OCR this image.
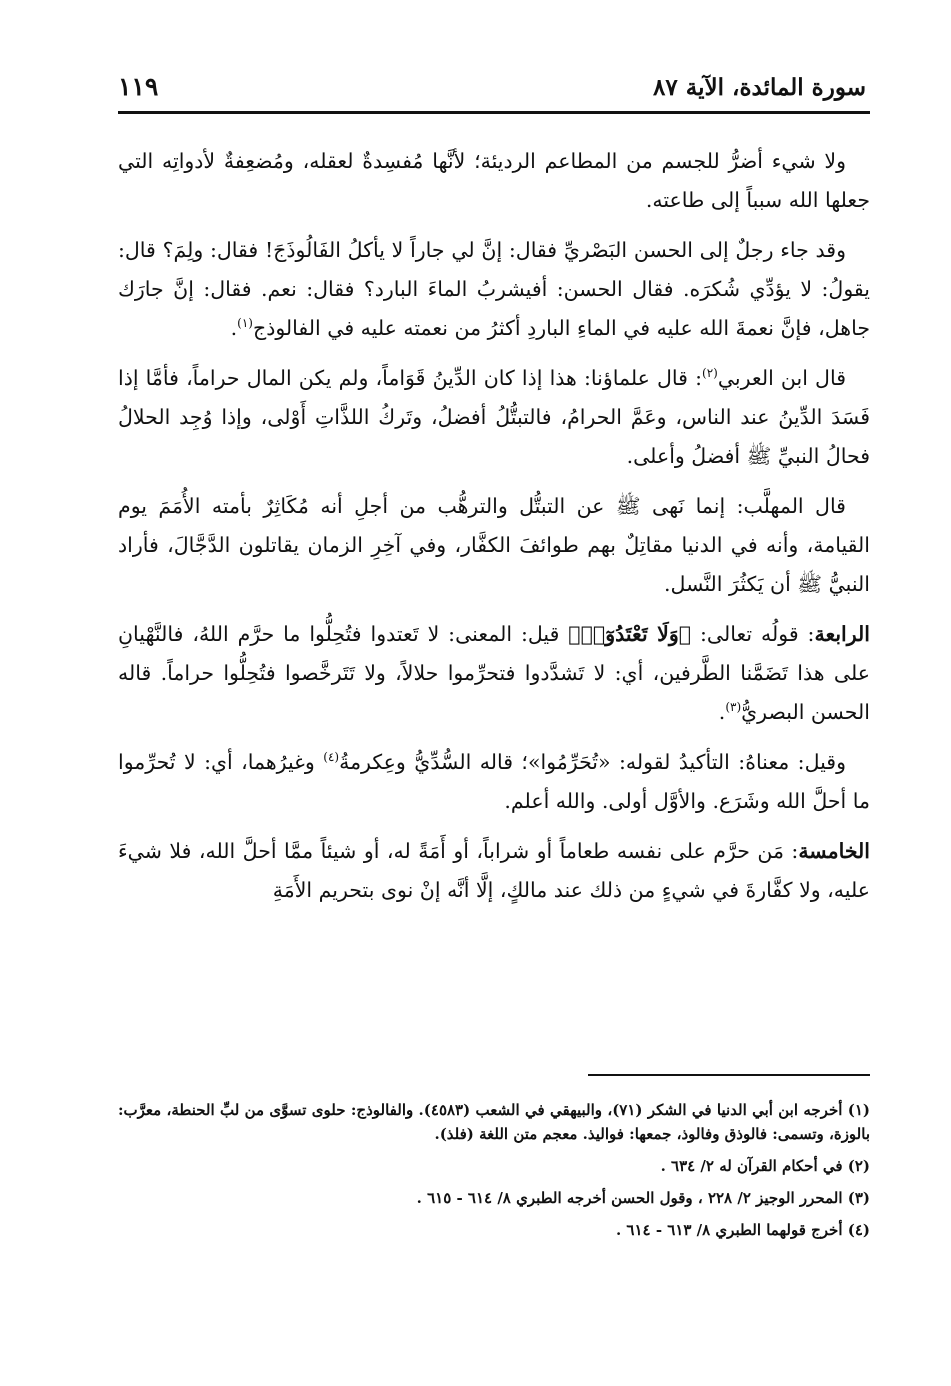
سورة المائدة، الآية ٨٧
١١٩

ولا شيء أضرُّ للجسم من المطاعم الرديئة؛ لأنَّها مُفسِدةٌ لعقله، ومُضعِفةٌ لأدواتِه التي جعلها الله سبباً إلى طاعته.

وقد جاء رجلٌ إلى الحسن البَصْريِّ فقال: إنَّ لي جاراً لا يأكلُ الفَالُوذَجَ! فقال: ولِمَ؟ قال: يقولُ: لا يؤدِّي شُكرَه. فقال الحسن: أفيشربُ الماءَ البارد؟ فقال: نعم. فقال: إنَّ جارَك جاهل، فإنَّ نعمةَ الله عليه في الماءِ الباردِ أكثرُ من نعمته عليه في الفالوذج$^{(١)}$.

قال ابن العربي$^{(٢)}$: قال علماؤنا: هذا إذا كان الدِّينُ قَوَاماً، ولم يكن المال حراماً، فأمَّا إذا فَسَدَ الدِّينُ عند الناس، وعَمَّ الحرامُ، فالتبتُّلُ أفضلُ، وتَركُ اللذَّاتِ أَوْلى، وإذا وُجِد الحلالُ فحالُ النبيِّ ﷺ أفضلُ وأعلى.

قال المهلَّب: إنما نَهى ﷺ عن التبتُّل والترهُّب من أجلِ أنه مُكَاثِرٌ بأمته الأُمَمَ يوم القيامة، وأنه في الدنيا مقاتِلٌ بهم طوائفَ الكفَّار، وفي آخِرِ الزمان يقاتلون الدَّجَّالَ، فأراد النبيُّ ﷺ أن يَكثُرَ النَّسل.

الرابعة: قولُه تعالى: ﴿وَلَا تَعْتَدُوٓا۟﴾ قيل: المعنى: لا تَعتدوا فتُحِلُّوا ما حرَّم اللهُ، فالنَّهْيانِ على هذا تَضَمَّنا الطَّرفين، أي: لا تَشدَّدوا فتحرِّموا حلالاً، ولا تَتَرخَّصوا فتُحِلُّوا حراماً. قاله الحسن البصريُّ$^{(٣)}$.

وقيل: معناهُ: التأكيدُ لقوله: «تُحَرِّمُوا»؛ قاله السُّدِّيُّ وعِكرمةُ$^{(٤)}$ وغيرُهما، أي: لا تُحرِّموا ما أحلَّ الله وشَرَع. والأوَّل أولى. والله أعلم.

الخامسة: مَن حرَّم على نفسه طعاماً أو شراباً، أو أَمَةً له، أو شيئاً ممَّا أحلَّ الله، فلا شيءَ عليه، ولا كفَّارةَ في شيءٍ من ذلك عند مالكٍ، إلَّا أنَّه إنْ نوى بتحريم الأَمَةِ

(١) أخرجه ابن أبي الدنيا في الشكر (٧١)، والبيهقي في الشعب (٤٥٨٣). والفالوذج: حلوى تسوَّى من لبِّ الحنطة، معرَّب: بالوزة، وتسمى: فالوذق وفالوذ، جمعها: فواليذ. معجم متن اللغة (فلذ).
(٢) في أحكام القرآن له ٢/ ٦٣٤ .
(٣) المحرر الوجيز ٢/ ٢٢٨ ، وقول الحسن أخرجه الطبري ٨/ ٦١٤ - ٦١٥ .
(٤) أخرج قولهما الطبري ٨/ ٦١٣ - ٦١٤ .
